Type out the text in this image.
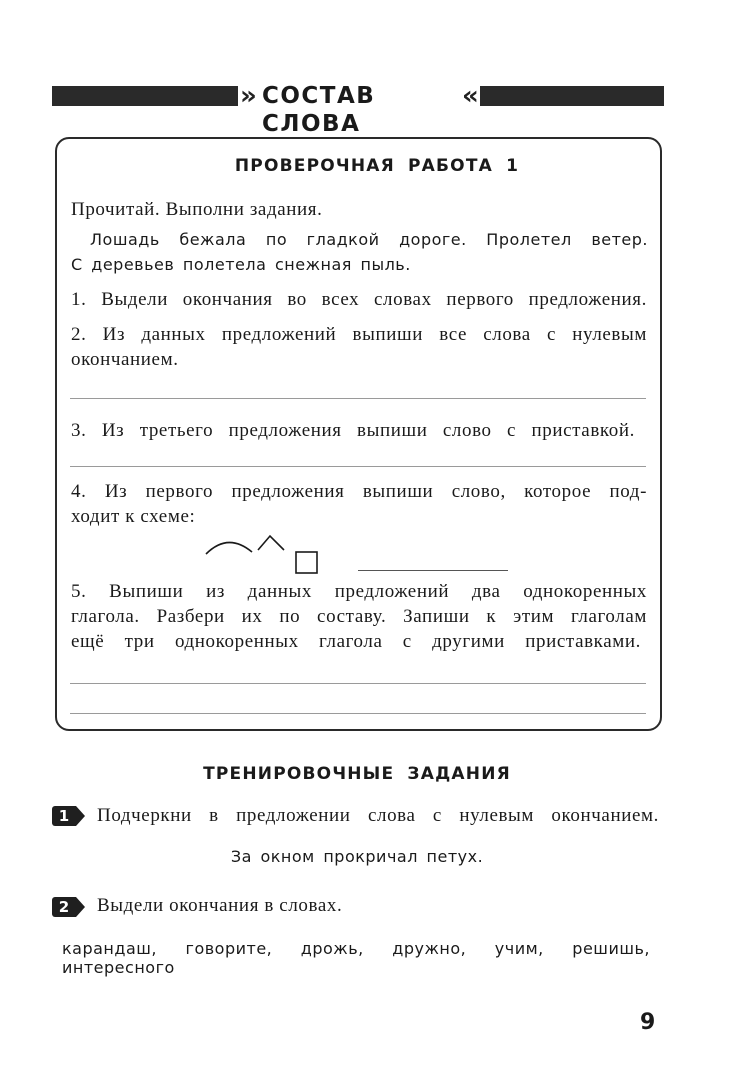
» СОСТАВ СЛОВА
«
ПРОВЕРОЧНАЯ РАБОТА 1
Прочитай. Выполни задания.
Лошадь бежала по гладкой дороге. Пролетел ветер.
С деревьев полетела снежная пыль.
1. Выдели окончания во всех словах первого предложения.
2. Из данных предложений выпиши все слова с нулевым
окончанием.
3. Из третьего предложения выпиши слово с приставкой.
4. Из первого предложения выпиши слово, которое под-
ходит к схеме:
5. Выпиши из данных предложений два однокоренных
глагола. Разбери их по составу. Запиши к этим глаголам
ещё три однокоренных глагола с другими приставками.
ТРЕНИРОВОЧНЫЕ ЗАДАНИЯ
1	Подчеркни в предложении слова с нулевым окончанием.
За окном прокричал петух.
2	Выдели окончания в словах.
карандаш, говорите, дрожь, дружно, учим, решишь, интересного
9
